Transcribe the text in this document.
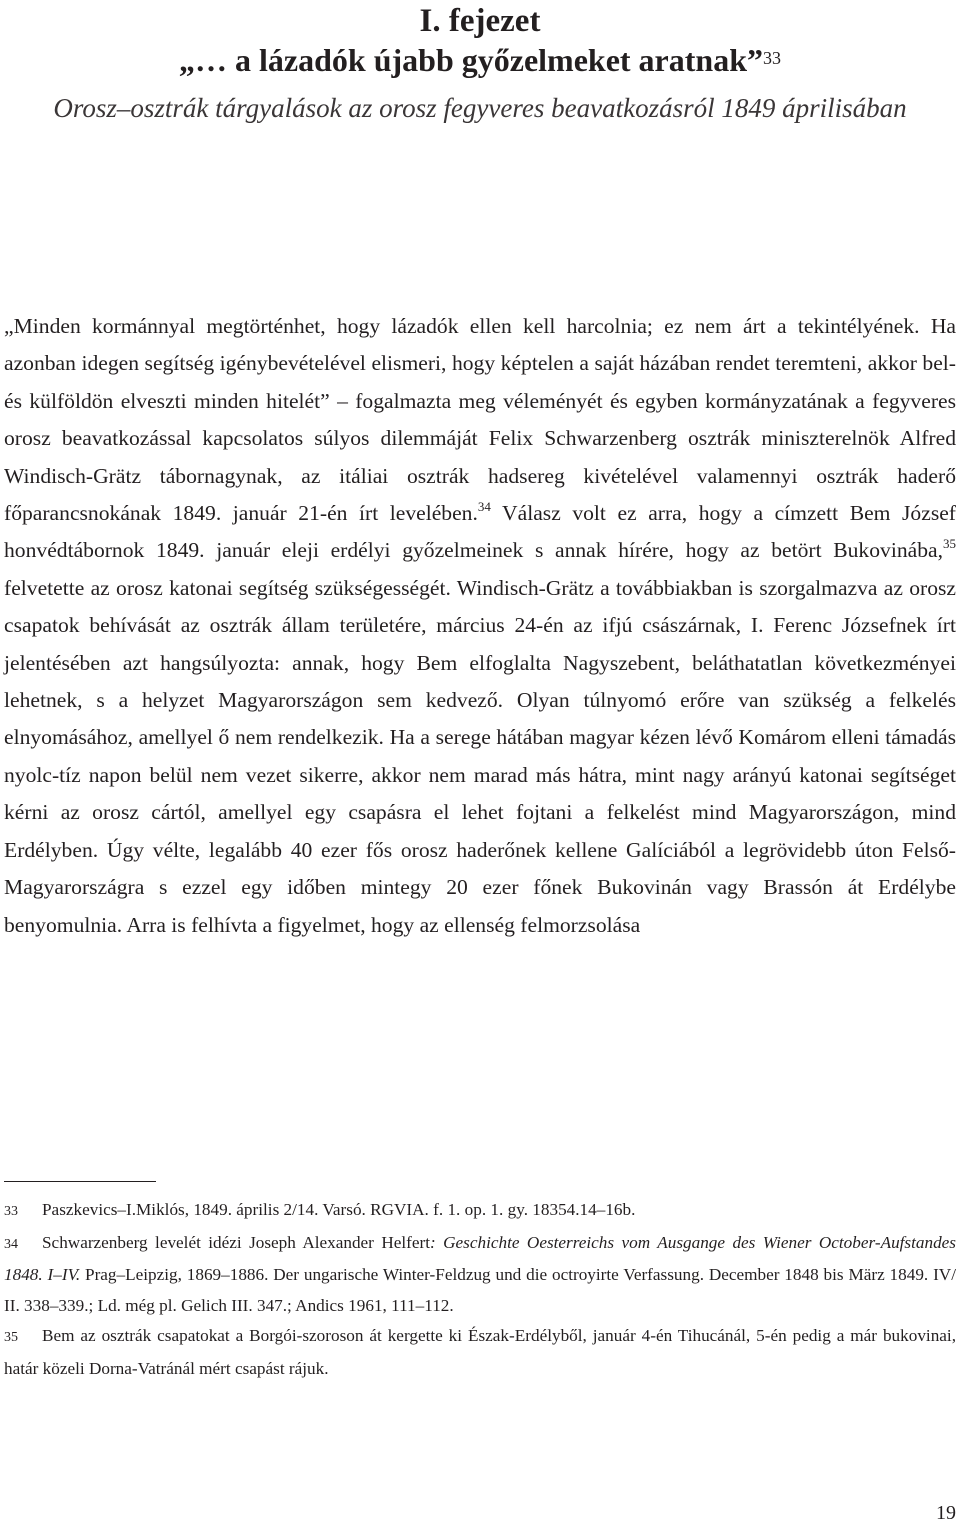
I. fejezet

„… a lázadók újabb győzelmeket aratnak”$^{33}$

Orosz–osztrák tárgyalások az orosz fegyveres beavatkozásról 1849 áprilisában

„Minden kormánnyal megtörténhet, hogy lázadók ellen kell harcolnia; ez nem árt a tekintélyének. Ha azonban idegen segítség igénybevételével elismeri, hogy képtelen a saját házában rendet teremteni, akkor bel- és külföldön elveszti minden hitelét” – fogalmazta meg véleményét és egyben kormányzatának a fegyveres orosz beavatkozással kapcsolatos súlyos dilemmáját Felix Schwarzenberg osztrák miniszterelnök Alfred Windisch-Grätz tábornagynak, az itáliai osztrák hadsereg kivételével valamennyi osztrák haderő főparancsnokának 1849. január 21-én írt levelében.$^{34}$ Válasz volt ez arra, hogy a címzett Bem József honvédtábornok 1849. január eleji erdélyi győzelmeinek s annak hírére, hogy az betört Bukovinába,$^{35}$ felvetette az orosz katonai segítség szükségességét. Windisch-Grätz a továbbiakban is szorgalmazva az orosz csapatok behívását az osztrák állam területére, március 24-én az ifjú császárnak, I. Ferenc Józsefnek írt jelentésében azt hangsúlyozta: annak, hogy Bem elfoglalta Nagyszebent, beláthatatlan következményei lehetnek, s a helyzet Magyarországon sem kedvező. Olyan túlnyomó erőre van szükség a felkelés elnyomásához, amellyel ő nem rendelkezik. Ha a serege hátában magyar kézen lévő Komárom elleni támadás nyolc-tíz napon belül nem vezet sikerre, akkor nem marad más hátra, mint nagy arányú katonai segítséget kérni az orosz cártól, amellyel egy csapásra el lehet fojtani a felkelést mind Magyarországon, mind Erdélyben. Úgy vélte, legalább 40 ezer fős orosz haderőnek kellene Galíciából a legrövidebb úton Felső-Magyarországra s ezzel egy időben mintegy 20 ezer főnek Bukovinán vagy Brassón át Erdélybe benyomulnia. Arra is felhívta a figyelmet, hogy az ellenség felmorzsolása

33 Paszkevics–I.Miklós, 1849. április 2/14. Varsó. RGVIA. f. 1. op. 1. gy. 18354.14–16b.

34 Schwarzenberg levelét idézi Joseph Alexander Helfert: Geschichte Oesterreichs vom Ausgange des Wiener October-Aufstandes 1848. I–IV. Prag–Leipzig, 1869–1886. Der ungarische Winter-Feldzug und die octroyirte Verfassung. December 1848 bis März 1849. IV/ II. 338–339.; Ld. még pl. Gelich III. 347.; Andics 1961, 111–112.

35 Bem az osztrák csapatokat a Borgói-szoroson át kergette ki Észak-Erdélyből, január 4-én Tihucánál, 5-én pedig a már bukovinai, határ közeli Dorna-Vatránál mért csapást rájuk.

19
